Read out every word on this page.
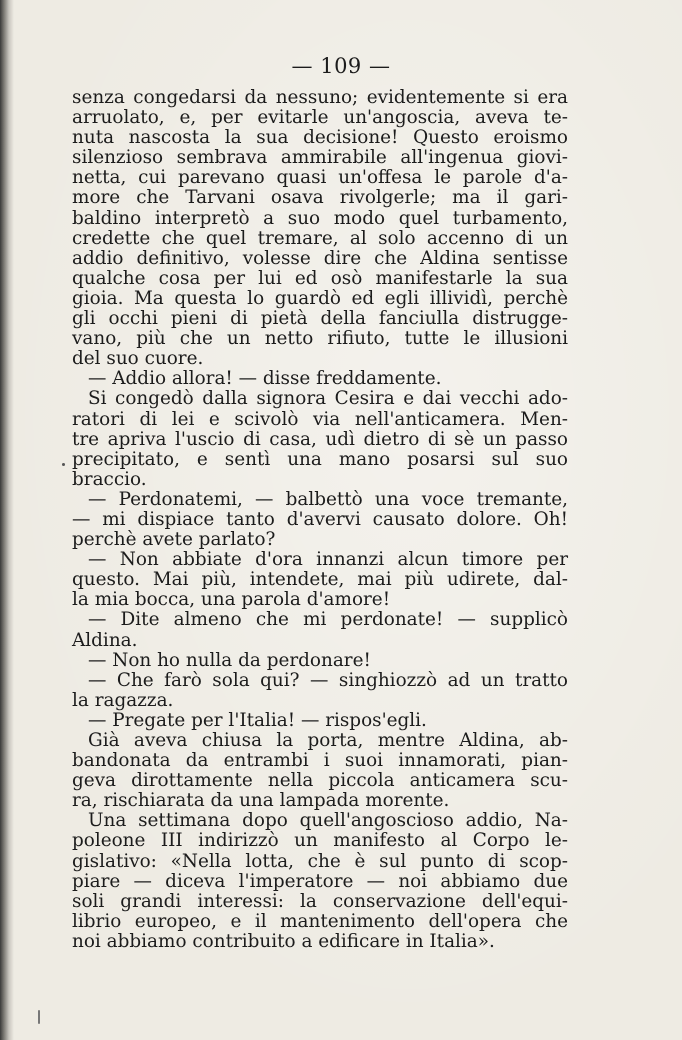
— 109 —
senza congedarsi da nessuno; evidentemente si era
arruolato, e, per evitarle un'angoscia, aveva te-
nuta nascosta la sua decisione! Questo eroismo
silenzioso sembrava ammirabile all'ingenua giovi-
netta, cui parevano quasi un'offesa le parole d'a-
more che Tarvani osava rivolgerle; ma il gari-
baldino interpretò a suo modo quel turbamento,
credette che quel tremare, al solo accenno di un
addio definitivo, volesse dire che Aldina sentisse
qualche cosa per lui ed osò manifestarle la sua
gioia. Ma questa lo guardò ed egli illividì, perchè
gli occhi pieni di pietà della fanciulla distrugge-
vano, più che un netto rifiuto, tutte le illusioni
del suo cuore.
— Addio allora! — disse freddamente.
Si congedò dalla signora Cesira e dai vecchi ado-
ratori di lei e scivolò via nell'anticamera. Men-
tre apriva l'uscio di casa, udì dietro di sè un passo
precipitato, e sentì una mano posarsi sul suo
braccio.
— Perdonatemi, — balbettò una voce tremante,
— mi dispiace tanto d'avervi causato dolore. Oh!
perchè avete parlato?
— Non abbiate d'ora innanzi alcun timore per
questo. Mai più, intendete, mai più udirete, dal-
la mia bocca, una parola d'amore!
— Dite almeno che mi perdonate! — supplicò
Aldina.
— Non ho nulla da perdonare!
— Che farò sola qui? — singhiozzò ad un tratto
la ragazza.
— Pregate per l'Italia! — rispos'egli.
Già aveva chiusa la porta, mentre Aldina, ab-
bandonata da entrambi i suoi innamorati, pian-
geva dirottamente nella piccola anticamera scu-
ra, rischiarata da una lampada morente.
Una settimana dopo quell'angoscioso addio, Na-
poleone III indirizzò un manifesto al Corpo le-
gislativo: «Nella lotta, che è sul punto di scop-
piare — diceva l'imperatore — noi abbiamo due
soli grandi interessi: la conservazione dell'equi-
librio europeo, e il mantenimento dell'opera che
noi abbiamo contribuito a edificare in Italia».
